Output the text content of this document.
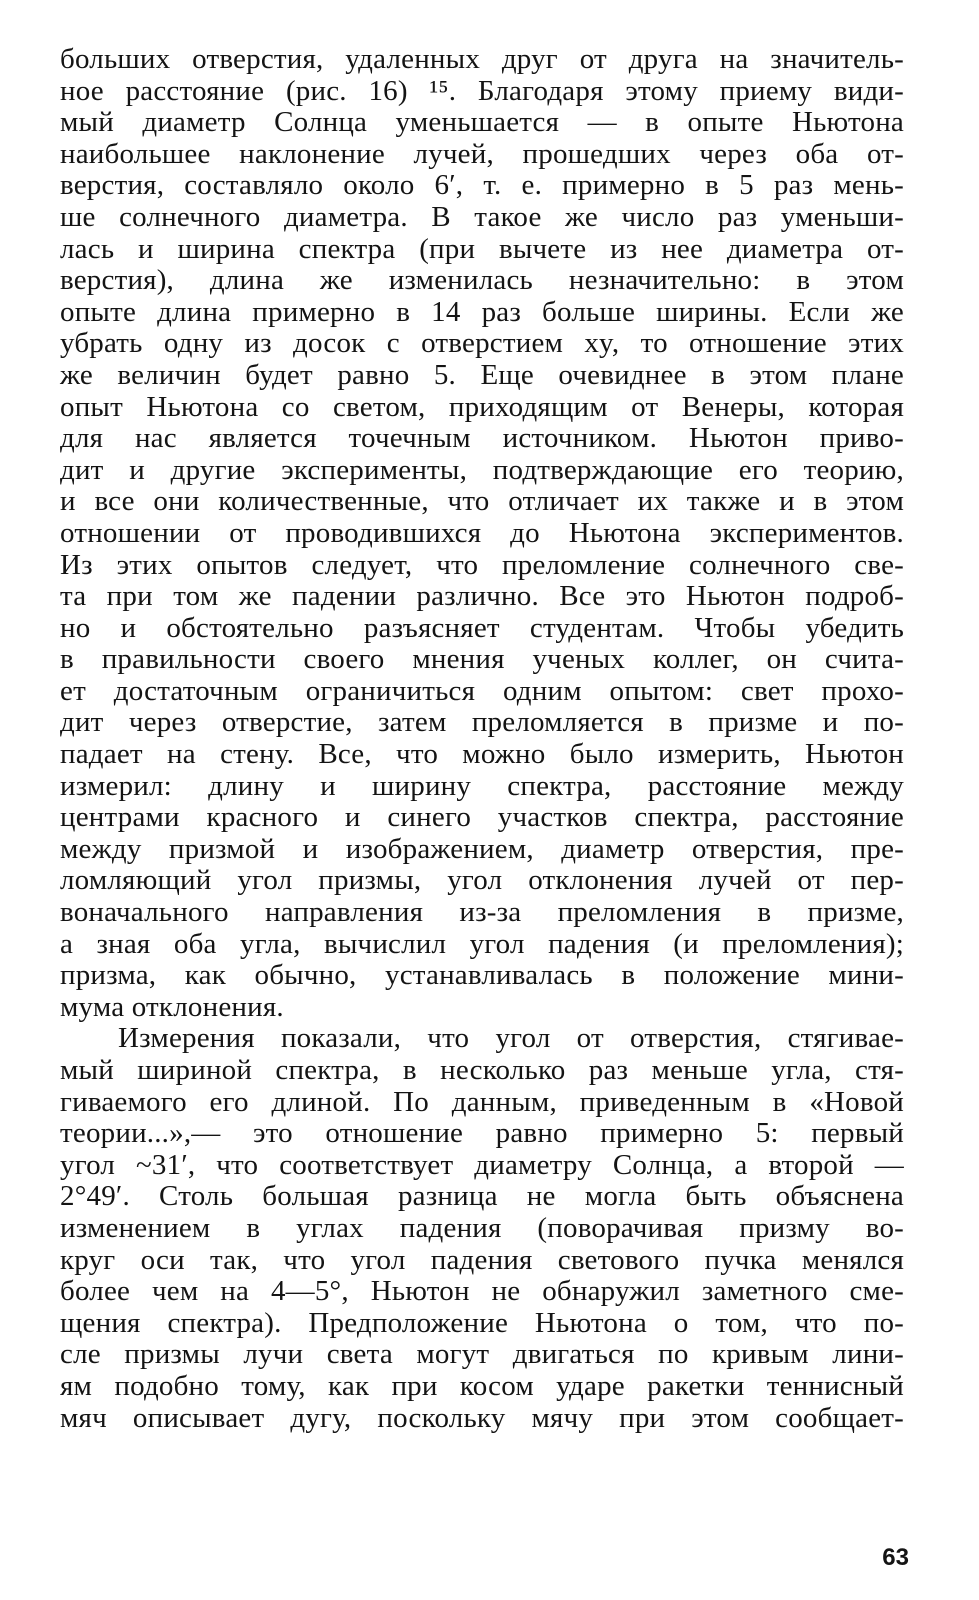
больших отверстия, удаленных друг от друга на значитель-
ное расстояние (рис. 16) ¹⁵. Благодаря этому приему види-
мый диаметр Солнца уменьшается — в опыте Ньютона
наибольшее наклонение лучей, прошедших через оба от-
верстия, составляло около 6′, т. е. примерно в 5 раз мень-
ше солнечного диаметра. В такое же число раз уменьши-
лась и ширина спектра (при вычете из нее диаметра от-
верстия), длина же изменилась незначительно: в этом
опыте длина примерно в 14 раз больше ширины. Если же
убрать одну из досок с отверстием xy, то отношение этих
же величин будет равно 5. Еще очевиднее в этом плане
опыт Ньютона со светом, приходящим от Венеры, которая
для нас является точечным источником. Ньютон приво-
дит и другие эксперименты, подтверждающие его теорию,
и все они количественные, что отличает их также и в этом
отношении от проводившихся до Ньютона экспериментов.
Из этих опытов следует, что преломление солнечного све-
та при том же падении различно. Все это Ньютон подроб-
но и обстоятельно разъясняет студентам. Чтобы убедить
в правильности своего мнения ученых коллег, он счита-
ет достаточным ограничиться одним опытом: свет прохо-
дит через отверстие, затем преломляется в призме и по-
падает на стену. Все, что можно было измерить, Ньютон
измерил: длину и ширину спектра, расстояние между
центрами красного и синего участков спектра, расстояние
между призмой и изображением, диаметр отверстия, пре-
ломляющий угол призмы, угол отклонения лучей от пер-
воначального направления из-за преломления в призме,
а зная оба угла, вычислил угол падения (и преломления);
призма, как обычно, устанавливалась в положение мини-
мума отклонения.
Измерения показали, что угол от отверстия, стягивае-
мый шириной спектра, в несколько раз меньше угла, стя-
гиваемого его длиной. По данным, приведенным в «Новой
теории...»,— это отношение равно примерно 5: первый
угол ~31′, что соответствует диаметру Солнца, а второй —
2°49′. Столь большая разница не могла быть объяснена
изменением в углах падения (поворачивая призму во-
круг оси так, что угол падения светового пучка менялся
более чем на 4—5°, Ньютон не обнаружил заметного сме-
щения спектра). Предположение Ньютона о том, что по-
сле призмы лучи света могут двигаться по кривым лини-
ям подобно тому, как при косом ударе ракетки теннисный
мяч описывает дугу, поскольку мячу при этом сообщает-
63
